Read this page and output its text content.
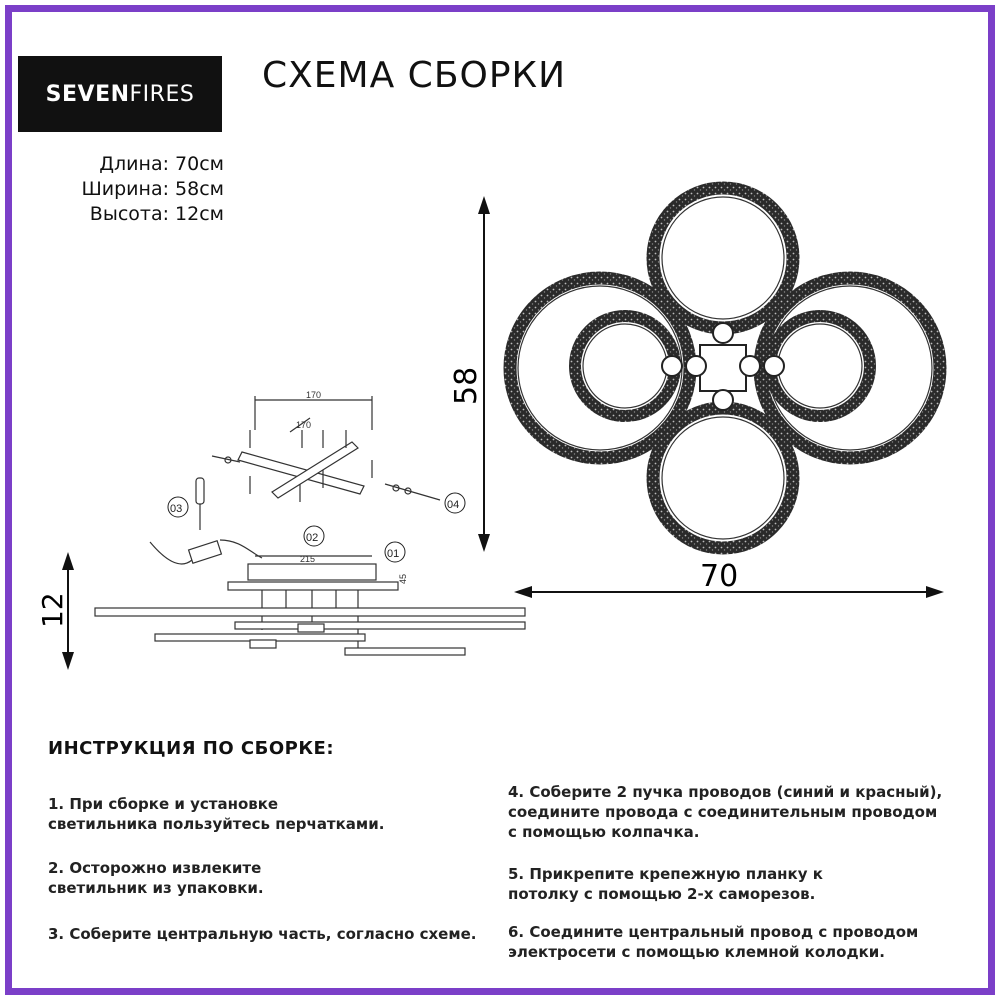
SEVEN FIRES СХЕМА СБОРКИ
Длина: 70см
Ширина: 58см
Высота: 12см
58
70
12
170
170
215
45
01
02
03	04
ИНСТРУКЦИЯ ПО СБОРКЕ:
1. При сборке и установке
светильника пользуйтесь перчатками.
2. Осторожно извлеките
светильник из упаковки.
3. Соберите центральную часть, согласно схеме.
4. Соберите 2 пучка проводов (синий и красный),
соедините провода с соединительным проводом
с помощью колпачка.
5. Прикрепите крепежную планку к
потолку с помощью 2-х саморезов.
6. Соедините центральный провод с проводом
электросети с помощью клемной колодки.
